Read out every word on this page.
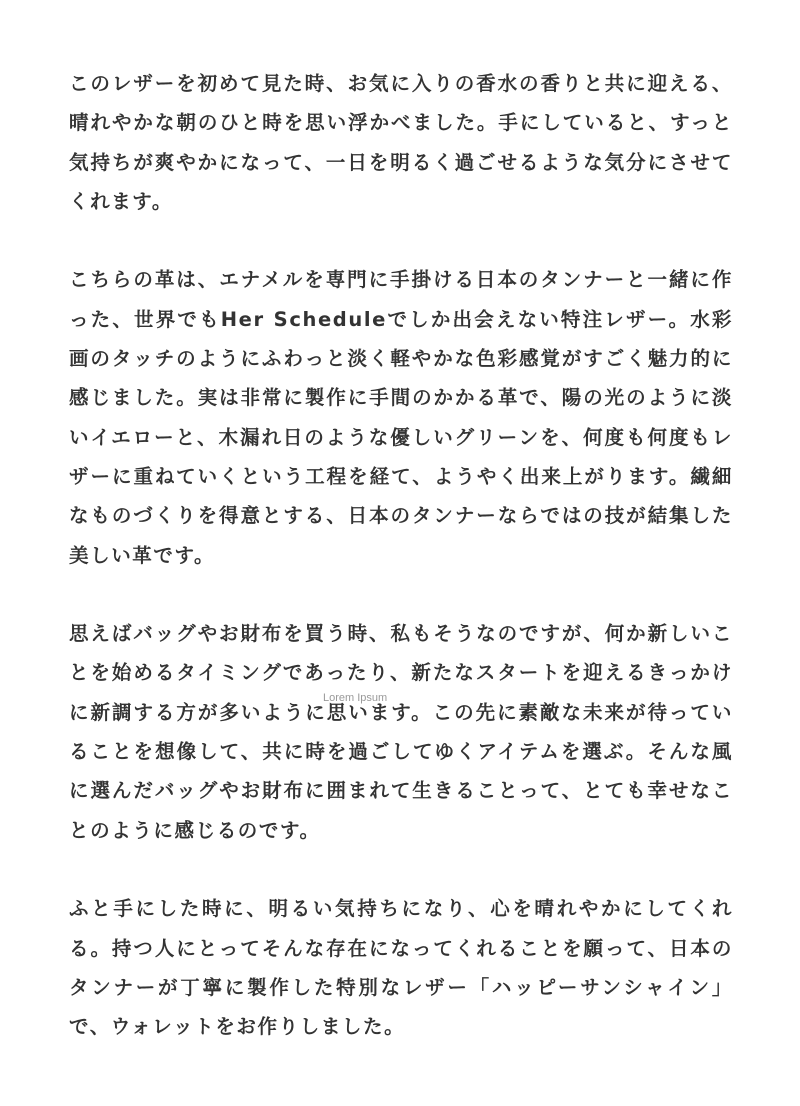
このレザーを初めて見た時、お気に入りの香水の香りと共に迎える、晴れやかな朝のひと時を思い浮かべました。手にしていると、すっと気持ちが爽やかになって、一日を明るく過ごせるような気分にさせてくれます。

こちらの革は、エナメルを専門に手掛ける日本のタンナーと一緒に作った、世界でもHer Scheduleでしか出会えない特注レザー。水彩画のタッチのようにふわっと淡く軽やかな色彩感覚がすごく魅力的に感じました。実は非常に製作に手間のかかる革で、陽の光のように淡いイエローと、木漏れ日のような優しいグリーンを、何度も何度もレザーに重ねていくという工程を経て、ようやく出来上がります。繊細なものづくりを得意とする、日本のタンナーならではの技が結集した美しい革です。

思えばバッグやお財布を買う時、私もそうなのですが、何か新しいことを始めるタイミングであったり、新たなスタートを迎えるきっかけに新調する方が多いように思います。この先に素敵な未来が待っていることを想像して、共に時を過ごしてゆくアイテムを選ぶ。そんな風に選んだバッグやお財布に囲まれて生きることって、とても幸せなことのように感じるのです。

ふと手にした時に、明るい気持ちになり、心を晴れやかにしてくれる。持つ人にとってそんな存在になってくれることを願って、日本のタンナーが丁寧に製作した特別なレザー「ハッピーサンシャイン」で、ウォレットをお作りしました。

Lorem Ipsum
